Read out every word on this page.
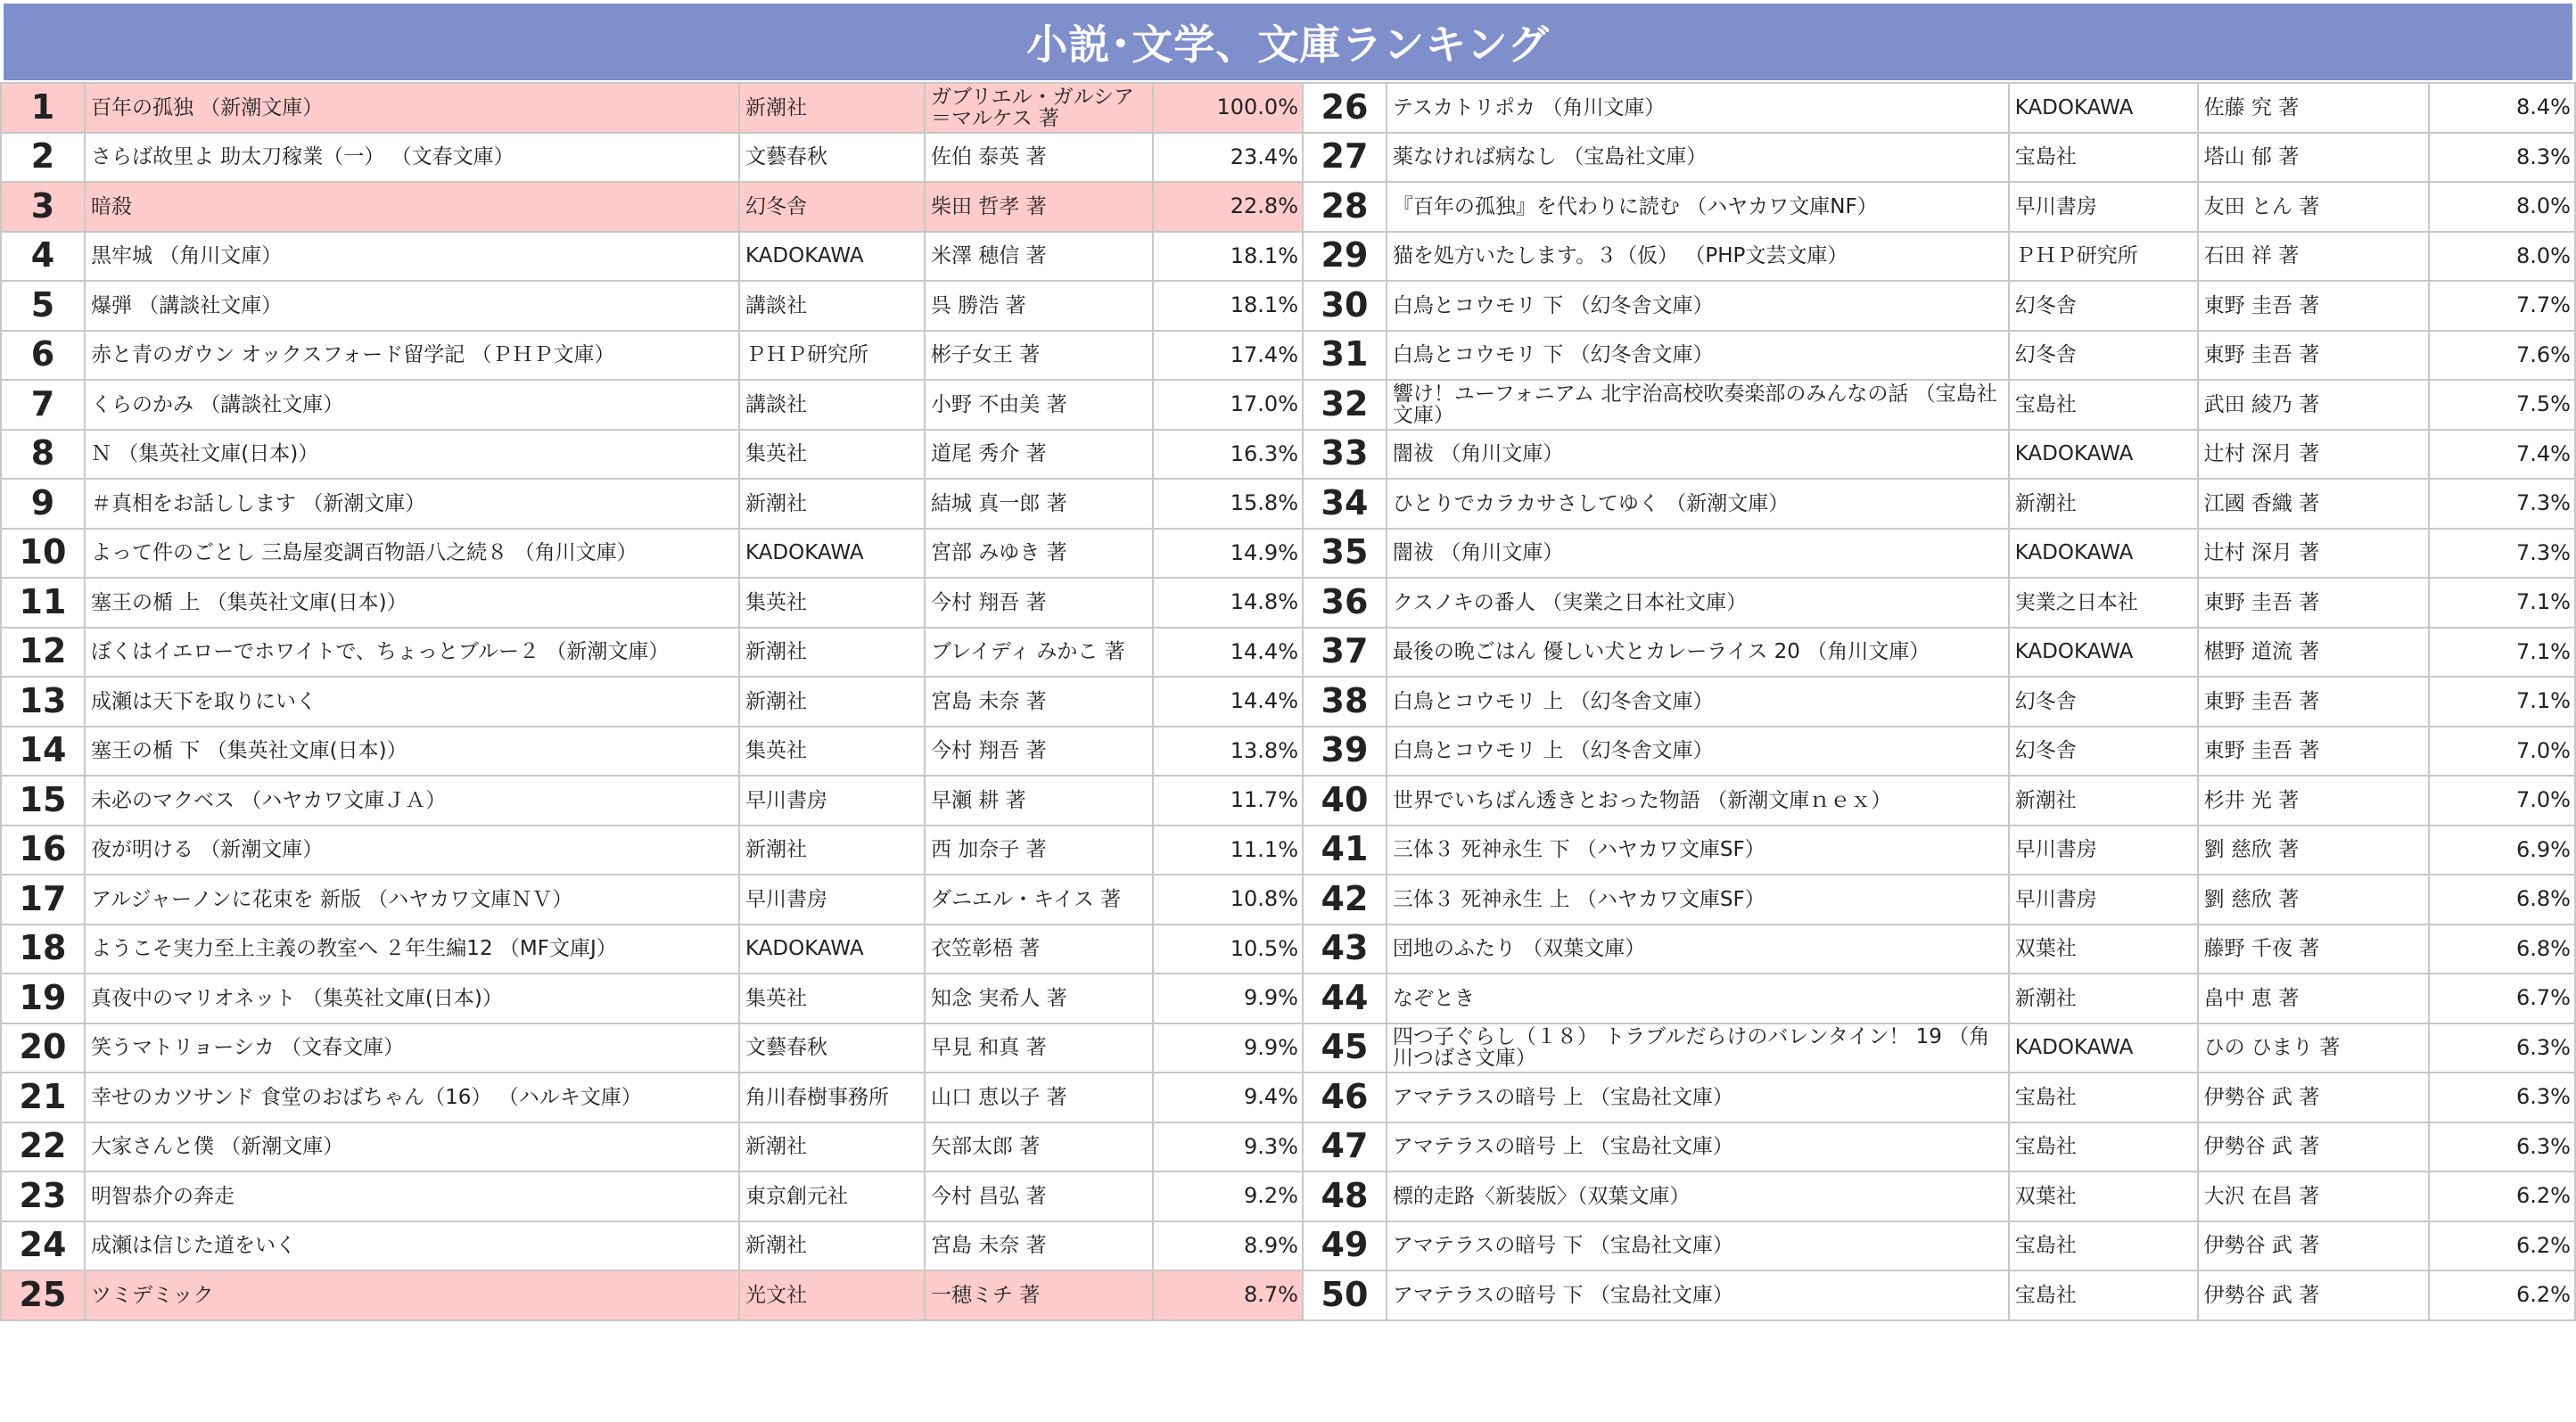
小説･文学、文庫ランキング
1	百年の孤独 （新潮文庫）	新潮社	ガブリエル・ガルシア＝マルケス 著	100.0%
2	さらば故里よ 助太刀稼業（一） （文春文庫）	文藝春秋	佐伯 泰英 著	23.4%
3	暗殺	幻冬舎	柴田 哲孝 著	22.8%
4	黒牢城 （角川文庫）	KADOKAWA	米澤 穂信 著	18.1%
5	爆弾 （講談社文庫）	講談社	呉 勝浩 著	18.1%
6	赤と青のガウン オックスフォード留学記 （ＰＨＰ文庫）	ＰＨＰ研究所	彬子女王 著	17.4%
7	くらのかみ （講談社文庫）	講談社	小野 不由美 著	17.0%
8	Ｎ （集英社文庫(日本)）	集英社	道尾 秀介 著	16.3%
9	＃真相をお話しします （新潮文庫）	新潮社	結城 真一郎 著	15.8%
10	よって件のごとし 三島屋変調百物語八之続８ （角川文庫）	KADOKAWA	宮部 みゆき 著	14.9%
11	塞王の楯 上 （集英社文庫(日本)）	集英社	今村 翔吾 著	14.8%
12	ぼくはイエローでホワイトで、ちょっとブルー２ （新潮文庫）	新潮社	ブレイディ みかこ 著	14.4%
13	成瀬は天下を取りにいく	新潮社	宮島 未奈 著	14.4%
14	塞王の楯 下 （集英社文庫(日本)）	集英社	今村 翔吾 著	13.8%
15	未必のマクベス （ハヤカワ文庫ＪＡ）	早川書房	早瀬 耕 著	11.7%
16	夜が明ける （新潮文庫）	新潮社	西 加奈子 著	11.1%
17	アルジャーノンに花束を 新版 （ハヤカワ文庫ＮＶ）	早川書房	ダニエル・キイス 著	10.8%
18	ようこそ実力至上主義の教室へ ２年生編12 （MF文庫J）	KADOKAWA	衣笠彰梧 著	10.5%
19	真夜中のマリオネット （集英社文庫(日本)）	集英社	知念 実希人 著	9.9%
20	笑うマトリョーシカ （文春文庫）	文藝春秋	早見 和真 著	9.9%
21	幸せのカツサンド 食堂のおばちゃん（16） （ハルキ文庫）	角川春樹事務所	山口 恵以子 著	9.4%
22	大家さんと僕 （新潮文庫）	新潮社	矢部太郎 著	9.3%
23	明智恭介の奔走	東京創元社	今村 昌弘 著	9.2%
24	成瀬は信じた道をいく	新潮社	宮島 未奈 著	8.9%
25	ツミデミック	光文社	一穂ミチ 著	8.7%
26	テスカトリポカ （角川文庫）	KADOKAWA	佐藤 究 著	8.4%
27	薬なければ病なし （宝島社文庫）	宝島社	塔山 郁 著	8.3%
28	『百年の孤独』を代わりに読む （ハヤカワ文庫NF）	早川書房	友田 とん 著	8.0%
29	猫を処方いたします。３（仮） （PHP文芸文庫）	ＰＨＰ研究所	石田 祥 著	8.0%
30	白鳥とコウモリ 下 （幻冬舎文庫）	幻冬舎	東野 圭吾 著	7.7%
31	白鳥とコウモリ 下 （幻冬舎文庫）	幻冬舎	東野 圭吾 著	7.6%
32	響け！ユーフォニアム 北宇治高校吹奏楽部のみんなの話 （宝島社文庫）	宝島社	武田 綾乃 著	7.5%
33	闇祓 （角川文庫）	KADOKAWA	辻村 深月 著	7.4%
34	ひとりでカラカサさしてゆく （新潮文庫）	新潮社	江國 香織 著	7.3%
35	闇祓 （角川文庫）	KADOKAWA	辻村 深月 著	7.3%
36	クスノキの番人 （実業之日本社文庫）	実業之日本社	東野 圭吾 著	7.1%
37	最後の晩ごはん 優しい犬とカレーライス 20 （角川文庫）	KADOKAWA	椹野 道流 著	7.1%
38	白鳥とコウモリ 上 （幻冬舎文庫）	幻冬舎	東野 圭吾 著	7.1%
39	白鳥とコウモリ 上 （幻冬舎文庫）	幻冬舎	東野 圭吾 著	7.0%
40	世界でいちばん透きとおった物語 （新潮文庫ｎｅｘ）	新潮社	杉井 光 著	7.0%
41	三体３ 死神永生 下 （ハヤカワ文庫SF）	早川書房	劉 慈欣 著	6.9%
42	三体３ 死神永生 上 （ハヤカワ文庫SF）	早川書房	劉 慈欣 著	6.8%
43	団地のふたり （双葉文庫）	双葉社	藤野 千夜 著	6.8%
44	なぞとき	新潮社	畠中 恵 著	6.7%
45	四つ子ぐらし（１８） トラブルだらけのバレンタイン！ 19 （角川つばさ文庫）	KADOKAWA	ひの ひまり 著	6.3%
46	アマテラスの暗号 上 （宝島社文庫）	宝島社	伊勢谷 武 著	6.3%
47	アマテラスの暗号 上 （宝島社文庫）	宝島社	伊勢谷 武 著	6.3%
48	標的走路〈新装版〉（双葉文庫）	双葉社	大沢 在昌 著	6.2%
49	アマテラスの暗号 下 （宝島社文庫）	宝島社	伊勢谷 武 著	6.2%
50	アマテラスの暗号 下 （宝島社文庫）	宝島社	伊勢谷 武 著	6.2%
